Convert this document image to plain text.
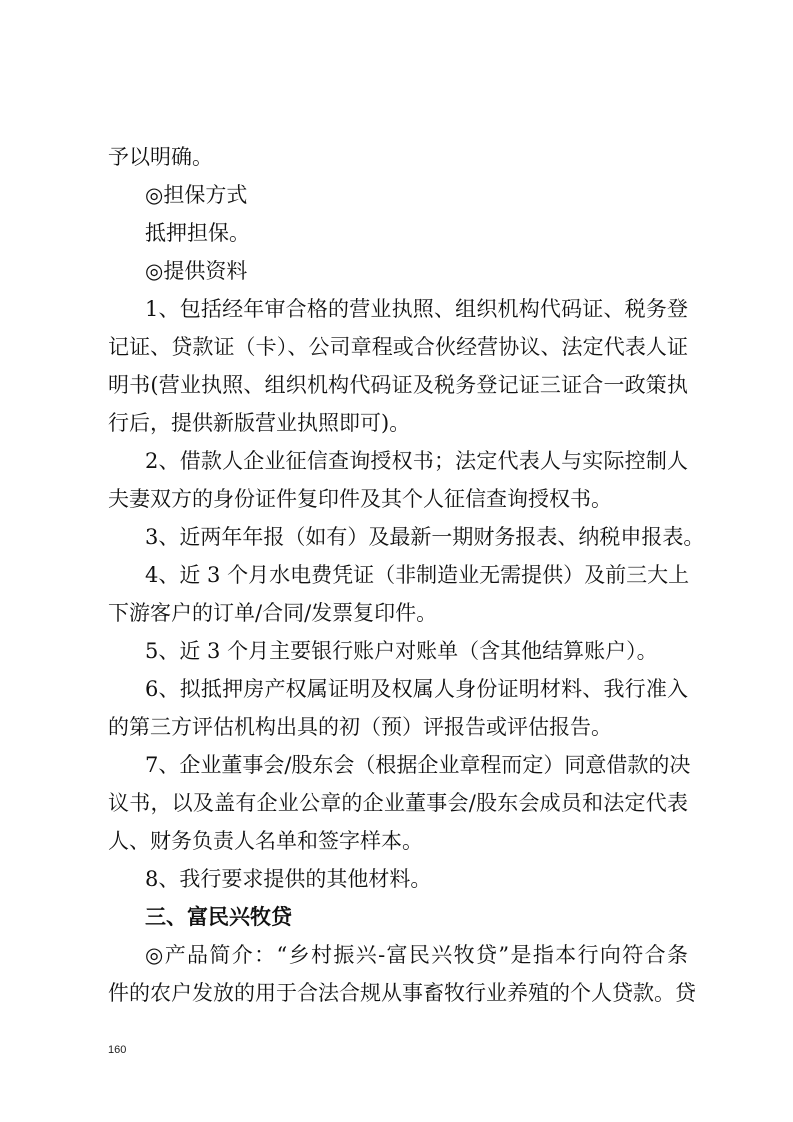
予以明确。
◎担保方式
抵押担保。
◎提供资料
1、包括经年审合格的营业执照、组织机构代码证、税务登
记证、贷款证（卡）、公司章程或合伙经营协议、法定代表人证
明书(营业执照、组织机构代码证及税务登记证三证合一政策执
行后，提供新版营业执照即可)。
2、借款人企业征信查询授权书；法定代表人与实际控制人
夫妻双方的身份证件复印件及其个人征信查询授权书。
3、近两年年报（如有）及最新一期财务报表、纳税申报表。
4、近 3 个月水电费凭证（非制造业无需提供）及前三大上
下游客户的订单/合同/发票复印件。
5、近 3 个月主要银行账户对账单（含其他结算账户）。
6、拟抵押房产权属证明及权属人身份证明材料、我行准入
的第三方评估机构出具的初（预）评报告或评估报告。
7、企业董事会/股东会（根据企业章程而定）同意借款的决
议书，以及盖有企业公章的企业董事会/股东会成员和法定代表
人、财务负责人名单和签字样本。
8、我行要求提供的其他材料。
三、富民兴牧贷
◎产品简介：“乡村振兴-富民兴牧贷”是指本行向符合条
件的农户发放的用于合法合规从事畜牧行业养殖的个人贷款。贷
160
